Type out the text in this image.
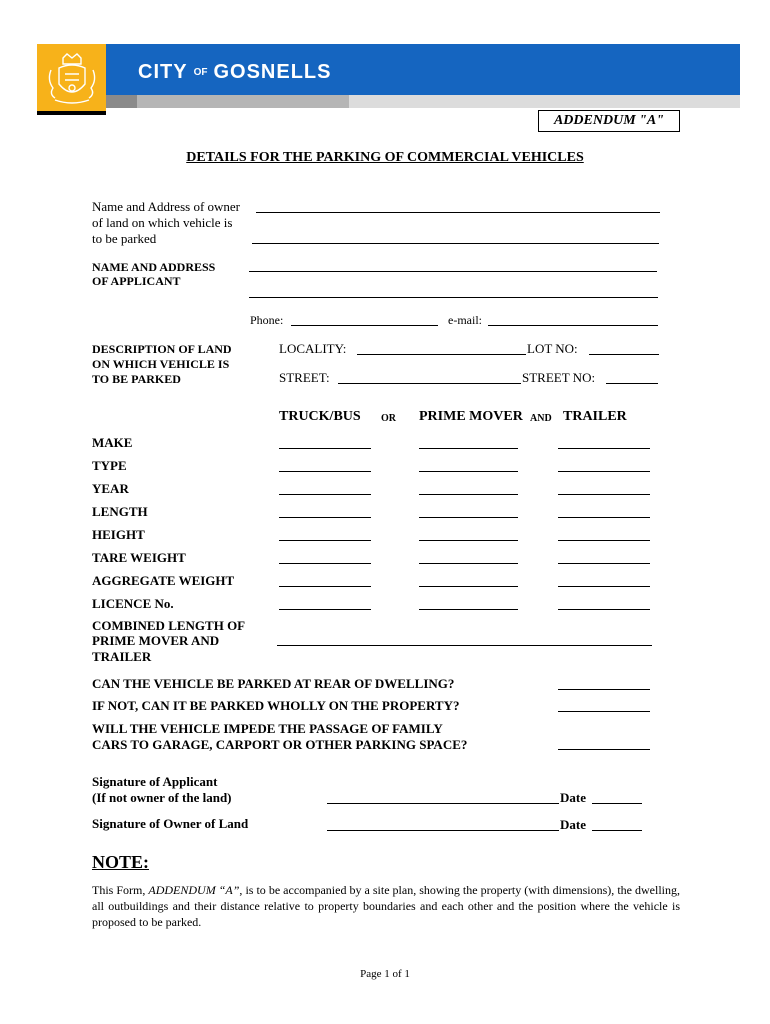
CITY OF GOSNELLS
ADDENDUM "A"
DETAILS FOR THE PARKING OF COMMERCIAL VEHICLES
Name and Address of owner
of land on which vehicle is
to be parked
NAME AND ADDRESS
OF APPLICANT
Phone:	e-mail:
DESCRIPTION OF LAND
ON WHICH VEHICLE IS
TO BE PARKED
LOCALITY:	LOT NO:
STREET:	STREET NO:
TRUCK/BUS OR PRIME MOVER AND TRAILER
MAKE
TYPE
YEAR
LENGTH
HEIGHT
TARE WEIGHT
AGGREGATE WEIGHT
LICENCE No.
COMBINED LENGTH OF
PRIME MOVER AND
TRAILER
CAN THE VEHICLE BE PARKED AT REAR OF DWELLING?
IF NOT, CAN IT BE PARKED WHOLLY ON THE PROPERTY?
WILL THE VEHICLE IMPEDE THE PASSAGE OF FAMILY
CARS TO GARAGE, CARPORT OR OTHER PARKING SPACE?
Signature of Applicant
(If not owner of the land)	Date
Signature of Owner of Land	Date
NOTE:
This Form, ADDENDUM “A”, is to be accompanied by a site plan, showing the property (with dimensions), the dwelling, all outbuildings and their distance relative to property boundaries and each other and the position where the vehicle is proposed to be parked.
Page 1 of 1
